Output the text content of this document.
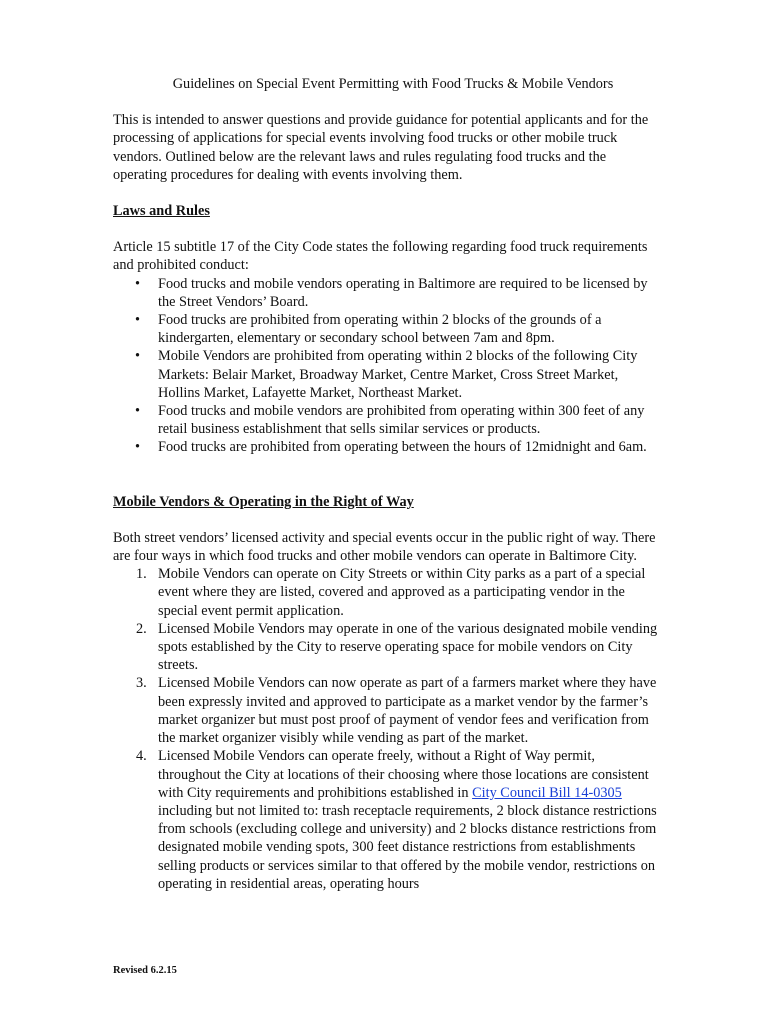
Guidelines on Special Event Permitting with Food Trucks & Mobile Vendors

This is intended to answer questions and provide guidance for potential applicants and for the processing of applications for special events involving food trucks or other mobile truck vendors. Outlined below are the relevant laws and rules regulating food trucks and the operating procedures for dealing with events involving them.

Laws and Rules

Article 15 subtitle 17 of the City Code states the following regarding food truck requirements and prohibited conduct:

• Food trucks and mobile vendors operating in Baltimore are required to be licensed by the Street Vendors’ Board.
• Food trucks are prohibited from operating within 2 blocks of the grounds of a kindergarten, elementary or secondary school between 7am and 8pm.
• Mobile Vendors are prohibited from operating within 2 blocks of the following City Markets: Belair Market, Broadway Market, Centre Market, Cross Street Market, Hollins Market, Lafayette Market, Northeast Market.
• Food trucks and mobile vendors are prohibited from operating within 300 feet of any retail business establishment that sells similar services or products.
• Food trucks are prohibited from operating between the hours of 12midnight and 6am.
Mobile Vendors & Operating in the Right of Way

Both street vendors’ licensed activity and special events occur in the public right of way. There are four ways in which food trucks and other mobile vendors can operate in Baltimore City.

1. Mobile Vendors can operate on City Streets or within City parks as a part of a special event where they are listed, covered and approved as a participating vendor in the special event permit application.
2. Licensed Mobile Vendors may operate in one of the various designated mobile vending spots established by the City to reserve operating space for mobile vendors on City streets.
3. Licensed Mobile Vendors can now operate as part of a farmers market where they have been expressly invited and approved to participate as a market vendor by the farmer’s market organizer but must post proof of payment of vendor fees and verification from the market organizer visibly while vending as part of the market.
4. Licensed Mobile Vendors can operate freely, without a Right of Way permit, throughout the City at locations of their choosing where those locations are consistent with City requirements and prohibitions established in City Council Bill 14-0305 including but not limited to: trash receptacle requirements, 2 block distance restrictions from schools (excluding college and university) and 2 blocks distance restrictions from designated mobile vending spots, 300 feet distance restrictions from establishments selling products or services similar to that offered by the mobile vendor, restrictions on operating in residential areas, operating hours
Revised 6.2.15
